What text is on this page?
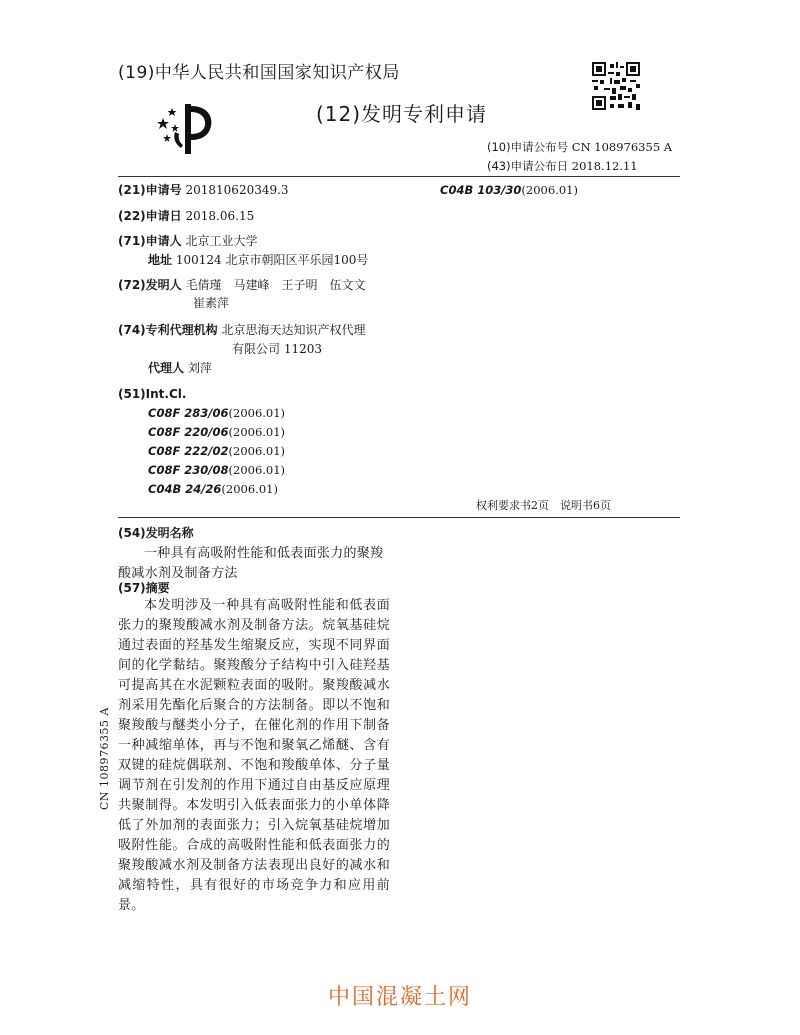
(19)中华人民共和国国家知识产权局
(12)发明专利申请
(10)申请公布号 CN 108976355 A
(43)申请公布日 2018.12.11
(21)申请号 201810620349.3	C04B 103/30(2006.01)
(22)申请日 2018.06.15
(71)申请人 北京工业大学
地址 100124 北京市朝阳区平乐园100号
(72)发明人 毛倩瑾　马建峰　王子明　伍文文
崔素萍
(74)专利代理机构 北京思海天达知识产权代理
有限公司 11203
代理人 刘萍
(51)Int.Cl.
C08F 283/06(2006.01)
C08F 220/06(2006.01)
C08F 222/02(2006.01)
C08F 230/08(2006.01)
C04B 24/26(2006.01)
权利要求书2页　说明书6页
(54)发明名称
一种具有高吸附性能和低表面张力的聚羧酸减水剂及制备方法
(57)摘要
本发明涉及一种具有高吸附性能和低表面张力的聚羧酸减水剂及制备方法。烷氧基硅烷通过表面的羟基发生缩聚反应，实现不同界面间的化学黏结。聚羧酸分子结构中引入硅羟基可提高其在水泥颗粒表面的吸附。聚羧酸减水剂采用先酯化后聚合的方法制备。即以不饱和聚羧酸与醚类小分子，在催化剂的作用下制备一种减缩单体，再与不饱和聚氧乙烯醚、含有双键的硅烷偶联剂、不饱和羧酸单体、分子量调节剂在引发剂的作用下通过自由基反应原理共聚制得。本发明引入低表面张力的小单体降低了外加剂的表面张力；引入烷氧基硅烷增加吸附性能。合成的高吸附性能和低表面张力的聚羧酸减水剂及制备方法表现出良好的减水和减缩特性，具有很好的市场竞争力和应用前景。
CN 108976355 A
中国混凝土网
